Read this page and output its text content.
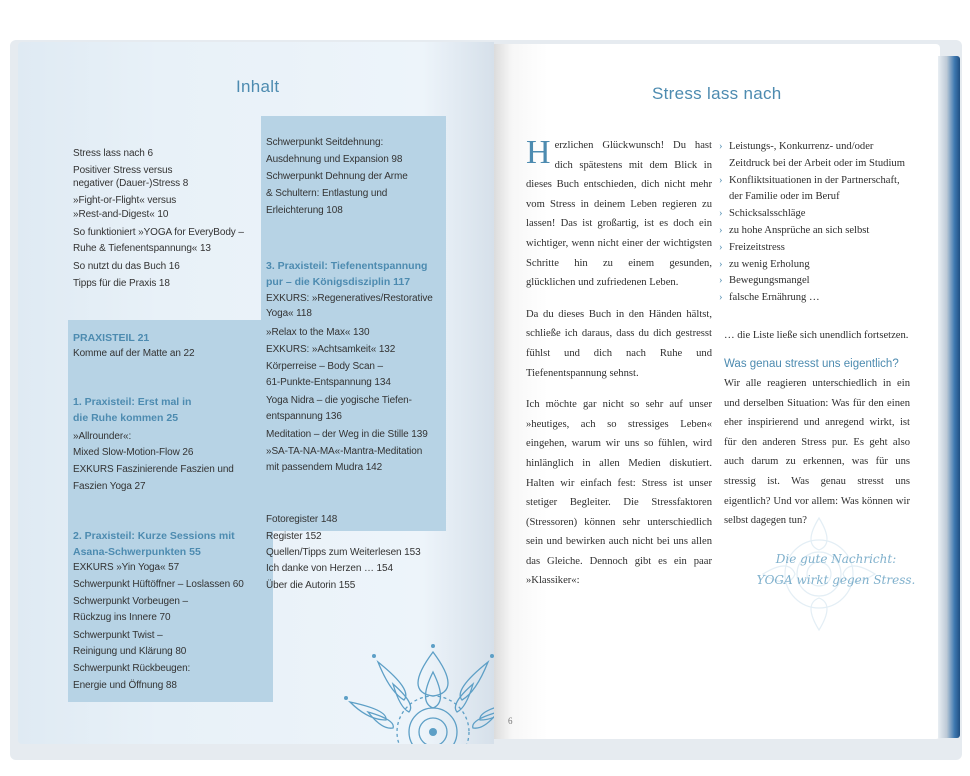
Inhalt
Stress lass nach 6
Positiver Stress versus
negativer (Dauer-)Stress 8
»Fight-or-Flight« versus
»Rest-and-Digest« 10
So funktioniert »YOGA for EveryBody –
Ruhe & Tiefenentspannung« 13
So nutzt du das Buch 16
Tipps für die Praxis 18
PRAXISTEIL 21
Komme auf der Matte an 22
1. Praxisteil: Erst mal in
die Ruhe kommen 25
»Allrounder«:
Mixed Slow-Motion-Flow 26
EXKURS Faszinierende Faszien und
Faszien Yoga 27
2. Praxisteil: Kurze Sessions mit
Asana-Schwerpunkten 55
EXKURS »Yin Yoga« 57
Schwerpunkt Hüftöffner – Loslassen 60
Schwerpunkt Vorbeugen –
Rückzug ins Innere 70
Schwerpunkt Twist –
Reinigung und Klärung 80
Schwerpunkt Rückbeugen:
Energie und Öffnung 88
Schwerpunkt Seitdehnung:
Ausdehnung und Expansion 98
Schwerpunkt Dehnung der Arme
& Schultern: Entlastung und
Erleichterung 108
3. Praxisteil: Tiefenentspannung
pur – die Königsdisziplin 117
EXKURS: »Regeneratives/Restorative
Yoga« 118
»Relax to the Max« 130
EXKURS: »Achtsamkeit« 132
Körperreise – Body Scan –
61-Punkte-Entspannung 134
Yoga Nidra – die yogische Tiefen-
entspannung 136
Meditation – der Weg in die Stille 139
»SA-TA-NA-MA«-Mantra-Meditation
mit passendem Mudra 142
Fotoregister 148
Register 152
Quellen/Tipps zum Weiterlesen 153
Ich danke von Herzen … 154
Über die Autorin 155
Stress lass nach

Herzlichen Glückwunsch! Du hast dich spätestens mit dem Blick in dieses Buch entschieden, dich nicht mehr vom Stress in deinem Leben regieren zu lassen! Das ist großartig, ist es doch ein wichtiger, wenn nicht einer der wichtigsten Schritte hin zu einem gesunden, glücklichen und zufriedenen Leben.

Da du dieses Buch in den Händen hältst, schließe ich daraus, dass du dich gestresst fühlst und dich nach Ruhe und Tiefenentspannung sehnst.

Ich möchte gar nicht so sehr auf unser »heutiges, ach so stressiges Leben« eingehen, warum wir uns so fühlen, wird hinlänglich in allen Medien diskutiert. Halten wir einfach fest: Stress ist unser stetiger Begleiter. Die Stressfaktoren (Stressoren) können sehr unterschiedlich sein und bewirken auch nicht bei uns allen das Gleiche. Dennoch gibt es ein paar »Klassiker«:

› Leistungs-, Konkurrenz- und/oder Zeitdruck bei der Arbeit oder im Studium
› Konfliktsituationen in der Partnerschaft, der Familie oder im Beruf
› Schicksalsschläge
› zu hohe Ansprüche an sich selbst
› Freizeitstress
› zu wenig Erholung
› Bewegungsmangel
› falsche Ernährung …
… die Liste ließe sich unendlich fortsetzen.
Was genau stresst uns eigentlich?
Wir alle reagieren unterschiedlich in ein und derselben Situation: Was für den einen eher inspirierend und anregend wirkt, ist für den anderen Stress pur. Es geht also auch darum zu erkennen, was für uns stressig ist. Was genau stresst uns eigentlich? Und vor allem: Was können wir selbst dagegen tun?
Die gute Nachricht:
YOGA wirkt gegen Stress.
6
